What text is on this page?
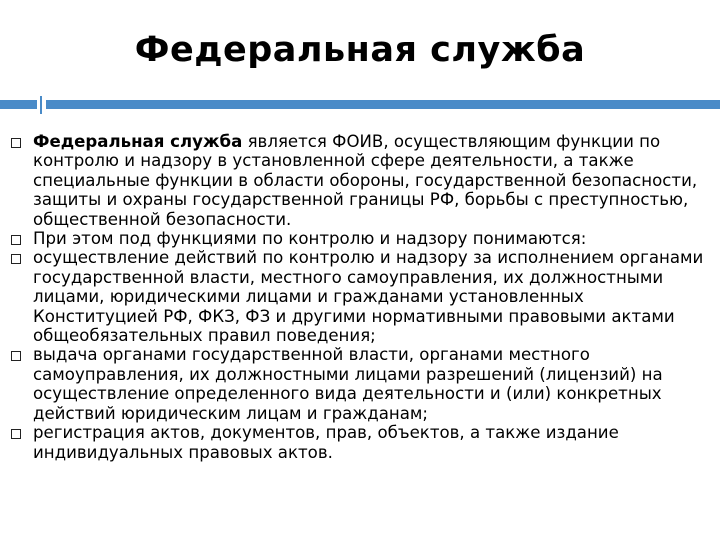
Федеральная служба
Федеральная служба является ФОИВ, осуществляющим функции по контролю и надзору в установленной сфере деятельности, а также специальные функции в области обороны, государственной безопасности, защиты и охраны государственной границы РФ, борьбы с преступностью, общественной безопасности.
При этом под функциями по контролю и надзору понимаются:
осуществление действий по контролю и надзору за исполнением органами государственной власти, местного самоуправления, их должностными лицами, юридическими лицами и гражданами установленных Конституцией РФ, ФКЗ, ФЗ и другими нормативными правовыми актами общеобязательных правил поведения;
выдача органами государственной власти, органами местного самоуправления, их должностными лицами разрешений (лицензий) на осуществление определенного вида деятельности и (или) конкретных действий юридическим лицам и гражданам;
регистрация актов, документов, прав, объектов, а также издание индивидуальных правовых актов.
